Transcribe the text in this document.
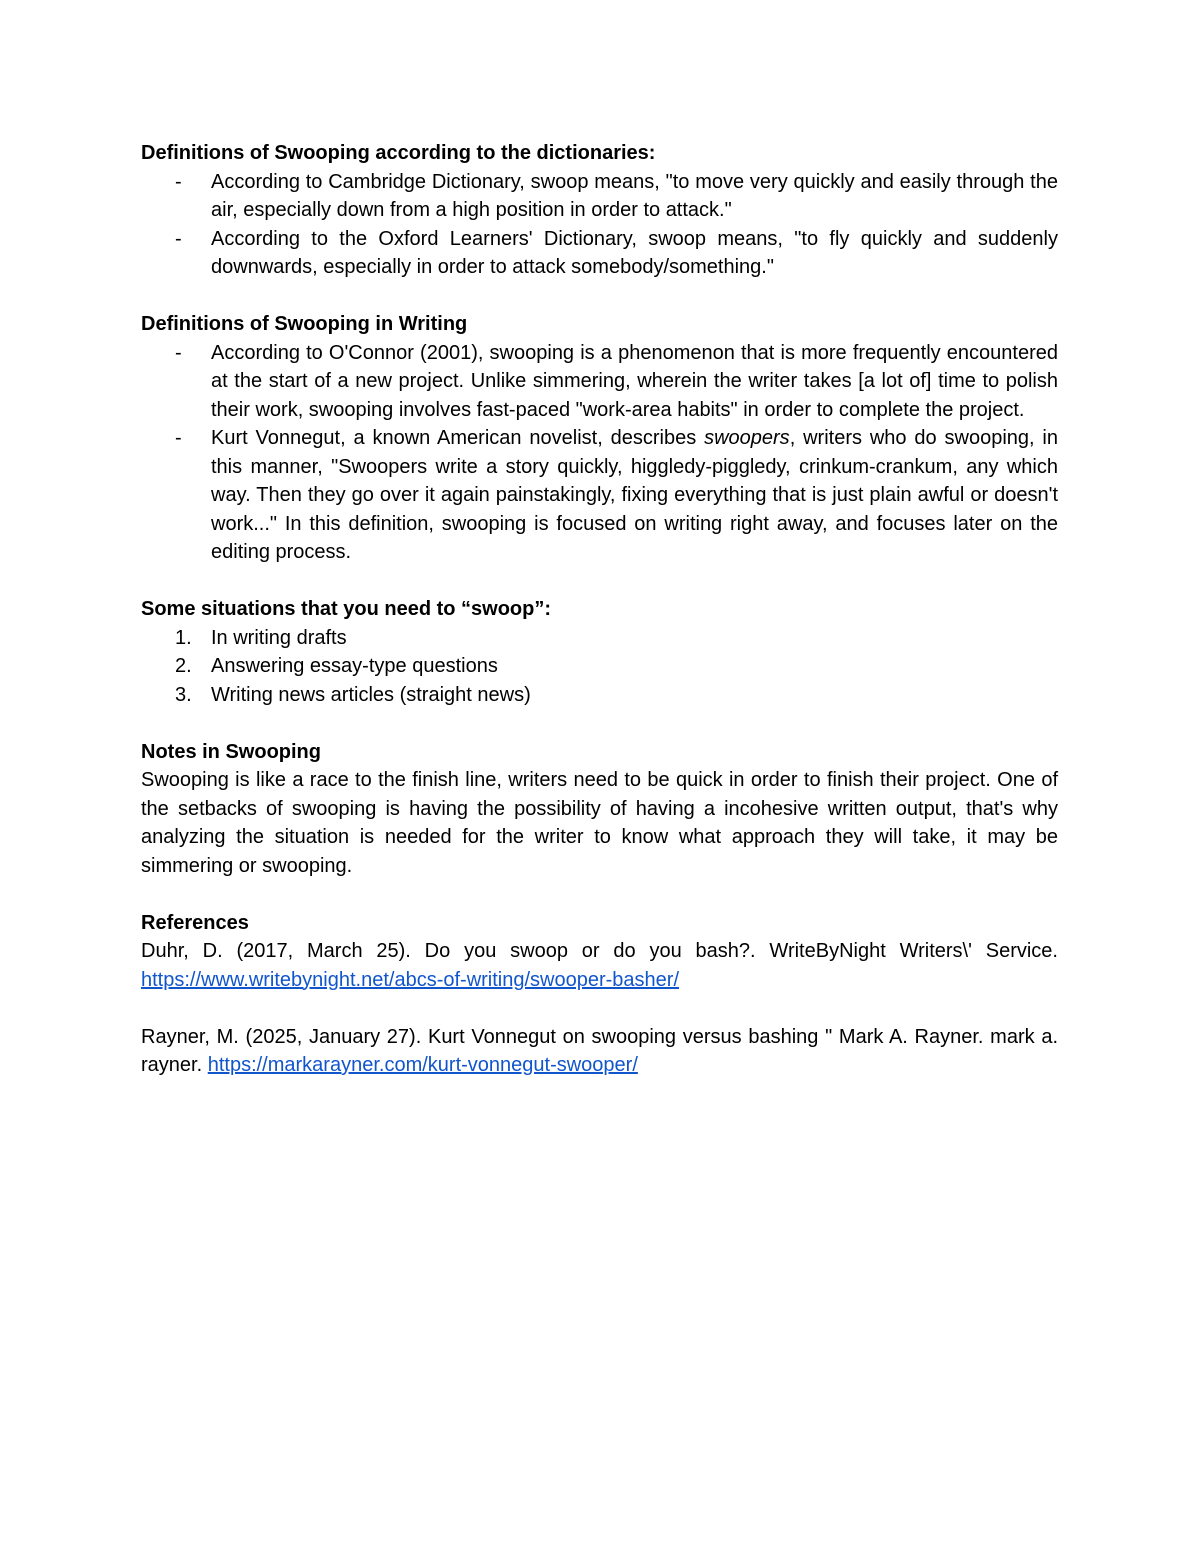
Definitions of Swooping according to the dictionaries:

- According to Cambridge Dictionary, swoop means, "to move very quickly and easily through the air, especially down from a high position in order to attack."
- According to the Oxford Learners' Dictionary, swoop means, "to fly quickly and suddenly downwards, especially in order to attack somebody/something."

Definitions of Swooping in Writing

- According to O'Connor (2001), swooping is a phenomenon that is more frequently encountered at the start of a new project. Unlike simmering, wherein the writer takes [a lot of] time to polish their work, swooping involves fast-paced "work-area habits" in order to complete the project.
- Kurt Vonnegut, a known American novelist, describes swoopers, writers who do swooping, in this manner, "Swoopers write a story quickly, higgledy-piggledy, crinkum-crankum, any which way. Then they go over it again painstakingly, fixing everything that is just plain awful or doesn't work..." In this definition, swooping is focused on writing right away, and focuses later on the editing process.

Some situations that you need to “swoop”:

1. In writing drafts
2. Answering essay-type questions
3. Writing news articles (straight news)

Notes in Swooping

Swooping is like a race to the finish line, writers need to be quick in order to finish their project. One of the setbacks of swooping is having the possibility of having a incohesive written output, that's why analyzing the situation is needed for the writer to know what approach they will take, it may be simmering or swooping.

References

Duhr, D. (2017, March 25). Do you swoop or do you bash?. WriteByNight Writers\' Service. https://www.writebynight.net/abcs-of-writing/swooper-basher/

Rayner, M. (2025, January 27). Kurt Vonnegut on swooping versus bashing " Mark A. Rayner. mark a. rayner. https://markarayner.com/kurt-vonnegut-swooper/
